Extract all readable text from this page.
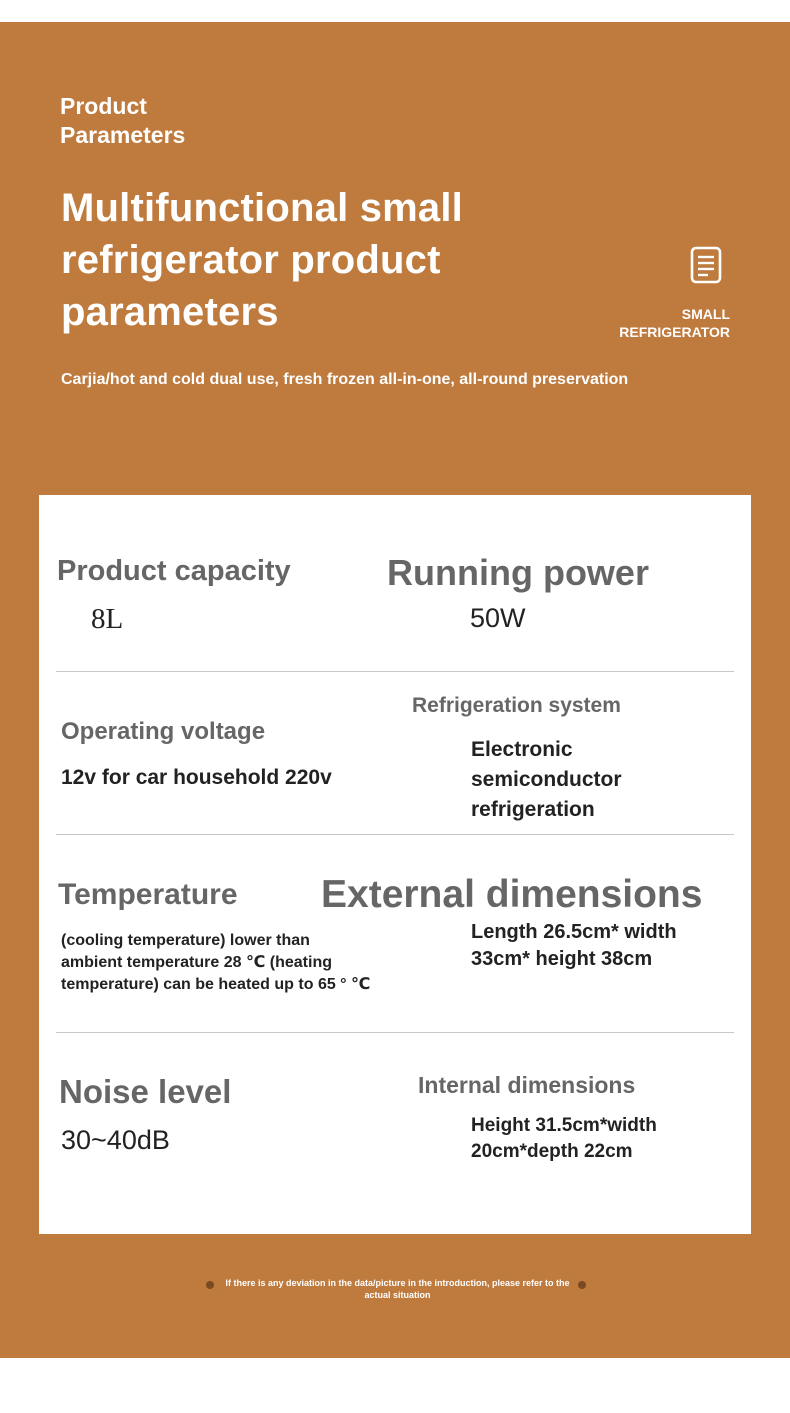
Product
Parameters
Multifunctional small
refrigerator product
parameters	SMALL
REFRIGERATOR
Carjia/hot and cold dual use, fresh frozen all-in-one, all-round preservation
Product capacity
8L
Running power
50W
Operating voltage
12v for car household 220v
Refrigeration system
Electronic
semiconductor
refrigeration
Temperature
(cooling temperature) lower than
ambient temperature 28 ℃ (heating
temperature) can be heated up to 65 ° ℃
External dimensions
Length 26.5cm* width
33cm* height 38cm
Noise level
30~40dB
Internal dimensions
Height 31.5cm*width
20cm*depth 22cm
If there is any deviation in the data/picture in the introduction, please refer to the
actual situation
